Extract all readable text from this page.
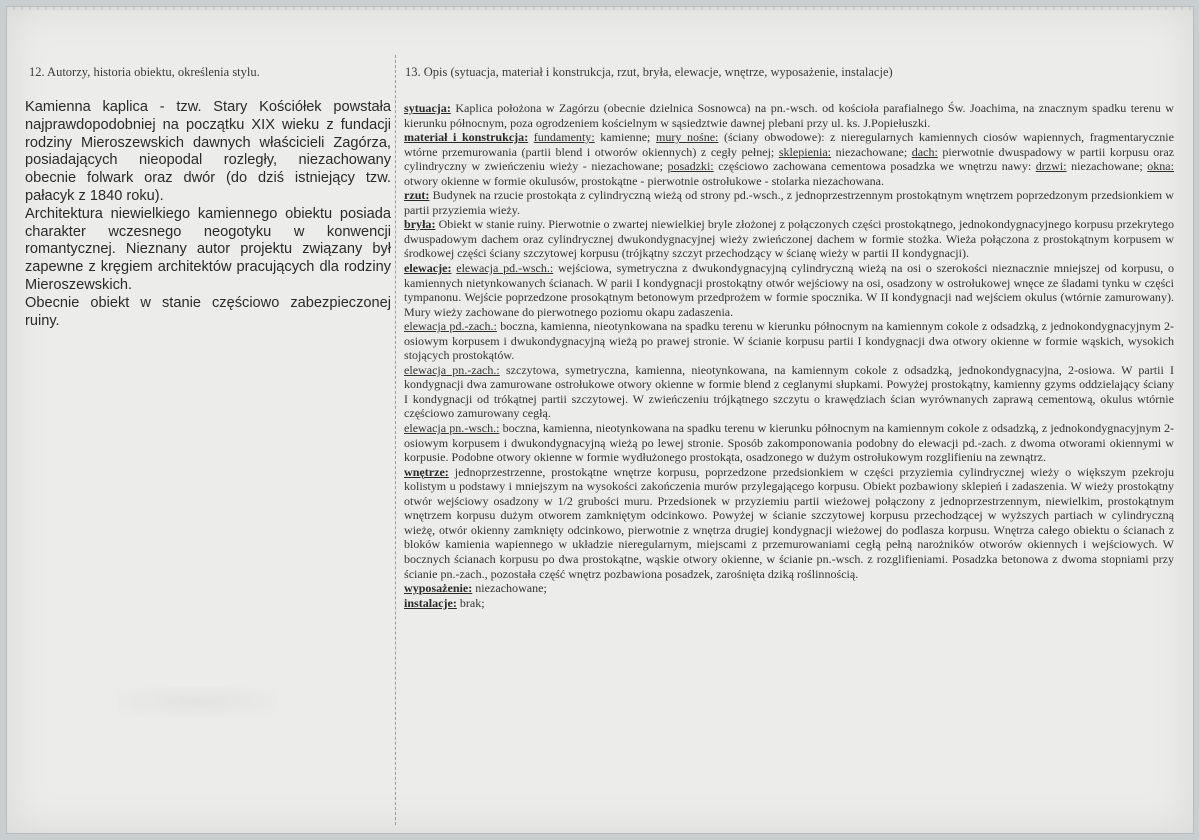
12. Autorzy, historia obiektu, określenia stylu.

Kamienna kaplica - tzw. Stary Kościółek powstała najprawdopodobniej na początku XIX wieku z fundacji rodziny Mieroszewskich dawnych właścicieli Zagórza, posiadających nieopodal rozległy, niezachowany obecnie folwark oraz dwór (do dziś istniejący tzw. pałacyk z 1840 roku).

Architektura niewielkiego kamiennego obiektu posiada charakter wczesnego neogotyku w konwencji romantycznej. Nieznany autor projektu związany był zapewne z kręgiem architektów pracujących dla rodziny Mieroszewskich.

Obecnie obiekt w stanie częściowo zabezpieczonej ruiny.

13. Opis (sytuacja, materiał i konstrukcja, rzut, bryła, elewacje, wnętrze, wyposażenie, instalacje)

sytuacja: Kaplica położona w Zagórzu (obecnie dzielnica Sosnowca) na pn.-wsch. od kościoła parafialnego Św. Joachima, na znacznym spadku terenu w kierunku północnym, poza ogrodzeniem kościelnym w sąsiedztwie dawnej plebani przy ul. ks. J.Popiełuszki.

materiał i konstrukcja: fundamenty: kamienne; mury nośne: (ściany obwodowe): z nieregularnych kamiennych ciosów wapiennych, fragmentarycznie wtórne przemurowania (partii blend i otworów okiennych) z cegły pełnej; sklepienia: niezachowane; dach: pierwotnie dwuspadowy w partii korpusu oraz cylindryczny w zwieńczeniu wieży - niezachowane; posadzki: częściowo zachowana cementowa posadzka we wnętrzu nawy: drzwi: niezachowane; okna: otwory okienne w formie okulusów, prostokątne - pierwotnie ostrołukowe - stolarka niezachowana.

rzut: Budynek na rzucie prostokąta z cylindryczną wieżą od strony pd.-wsch., z jednoprzestrzennym prostokątnym wnętrzem poprzedzonym przedsionkiem w partii przyziemia wieży.

bryła: Obiekt w stanie ruiny. Pierwotnie o zwartej niewielkiej bryle złożonej z połączonych części prostokątnego, jednokondygnacyjnego korpusu przekrytego dwuspadowym dachem oraz cylindrycznej dwukondygnacyjnej wieży zwieńczonej dachem w formie stożka. Wieża połączona z prostokątnym korpusem w środkowej części ściany szczytowej korpusu (trójkątny szczyt przechodzący w ścianę wieży w partii II kondygnacji).

elewacje: elewacja pd.-wsch.: wejściowa, symetryczna z dwukondygnacyjną cylindryczną wieżą na osi o szerokości nieznacznie mniejszej od korpusu, o kamiennych nietynkowanych ścianach. W parii I kondygnacji prostokątny otwór wejściowy na osi, osadzony w ostrołukowej wnęce ze śladami tynku w części tympanonu. Wejście poprzedzone prosokątnym betonowym przedprożem w formie spocznika. W II kondygnacji nad wejściem okulus (wtórnie zamurowany). Mury wieży zachowane do pierwotnego poziomu okapu zadaszenia.

elewacja pd.-zach.: boczna, kamienna, nieotynkowana na spadku terenu w kierunku północnym na kamiennym cokole z odsadzką, z jednokondygnacyjnym 2-osiowym korpusem i dwukondygnacyjną wieżą po prawej stronie. W ścianie korpusu partii I kondygnacji dwa otwory okienne w formie wąskich, wysokich stojących prostokątów.

elewacja pn.-zach.: szczytowa, symetryczna, kamienna, nieotynkowana, na kamiennym cokole z odsadzką, jednokondygnacyjna, 2-osiowa. W partii I kondygnacji dwa zamurowane ostrołukowe otwory okienne w formie blend z ceglanymi słupkami. Powyżej prostokątny, kamienny gzyms oddzielający ściany I kondygnacji od trókątnej partii szczytowej. W zwieńczeniu trójkątnego szczytu o krawędziach ścian wyrównanych zaprawą cementową, okulus wtórnie częściowo zamurowany cegłą.

elewacja pn.-wsch.: boczna, kamienna, nieotynkowana na spadku terenu w kierunku północnym na kamiennym cokole z odsadzką, z jednokondygnacyjnym 2-osiowym korpusem i dwukondygnacyjną wieżą po lewej stronie. Sposób zakomponowania podobny do elewacji pd.-zach. z dwoma otworami okiennymi w korpusie. Podobne otwory okienne w formie wydłużonego prostokąta, osadzonego w dużym ostrołukowym rozglifieniu na zewnątrz.

wnętrze: jednoprzestrzenne, prostokątne wnętrze korpusu, poprzedzone przedsionkiem w części przyziemia cylindrycznej wieży o większym pzekroju kolistym u podstawy i mniejszym na wysokości zakończenia murów przylegającego korpusu. Obiekt pozbawiony sklepień i zadaszenia. W wieży prostokątny otwór wejściowy osadzony w 1/2 grubości muru. Przedsionek w przyziemiu partii wieżowej połączony z jednoprzestrzennym, niewielkim, prostokątnym wnętrzem korpusu dużym otworem zamkniętym odcinkowo. Powyżej w ścianie szczytowej korpusu przechodzącej w wyższych partiach w cylindryczną wieżę, otwór okienny zamknięty odcinkowo, pierwotnie z wnętrza drugiej kondygnacji wieżowej do podlasza korpusu. Wnętrza całego obiektu o ścianach z bloków kamienia wapiennego w układzie nieregularnym, miejscami z przemurowaniami cegłą pełną narożników otworów okiennych i wejściowych. W bocznych ścianach korpusu po dwa prostokątne, wąskie otwory okienne, w ścianie pn.-wsch. z rozglifieniami. Posadzka betonowa z dwoma stopniami przy ścianie pn.-zach., pozostała część wnętrz pozbawiona posadzek, zarośnięta dziką roślinnością.

wyposażenie: niezachowane;

instalacje: brak;
